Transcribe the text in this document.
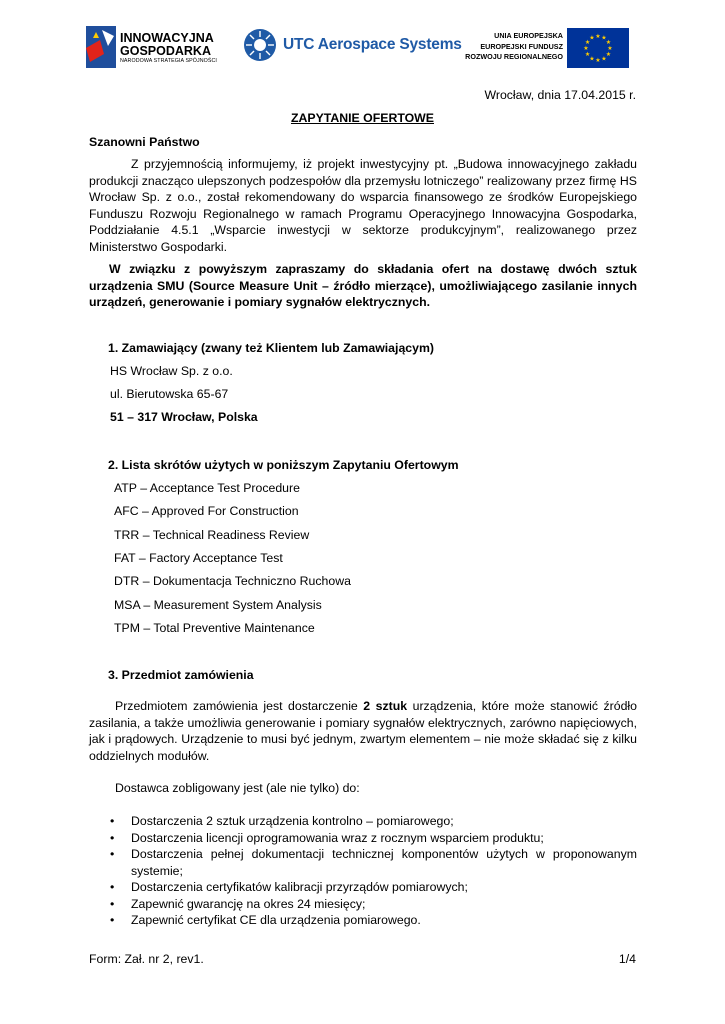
INNOWACYJNA
GOSPODARKA
NARODOWA STRATEGIA SPÓJNOŚCI
UTC Aerospace Systems
UNIA EUROPEJSKA
EUROPEJSKI FUNDUSZ
ROZWOJU REGIONALNEGO
★ ★
★
★
★
★
★
★
★
★
★
★
Wrocław, dnia 17.04.2015 r.
ZAPYTANIE OFERTOWE
Szanowni Państwo
Z przyjemnością informujemy, iż projekt inwestycyjny pt. „Budowa innowacyjnego zakładu produkcji znacząco ulepszonych podzespołów dla przemysłu lotniczego” realizowany przez firmę HS Wrocław Sp. z o.o., został rekomendowany do wsparcia finansowego ze środków Europejskiego Funduszu Rozwoju Regionalnego w ramach Programu Operacyjnego Innowacyjna Gospodarka, Poddziałanie 4.5.1 „Wsparcie inwestycji w sektorze produkcyjnym”, realizowanego przez Ministerstwo Gospodarki.
W związku z powyższym zapraszamy do składania ofert na dostawę dwóch sztuk urządzenia SMU (Source Measure Unit – źródło mierzące), umożliwiającego zasilanie innych urządzeń, generowanie i pomiary sygnałów elektrycznych.
1. Zamawiający (zwany też Klientem lub Zamawiającym)
HS Wrocław Sp. z o.o.
ul. Bierutowska 65-67
51 – 317 Wrocław, Polska
2. Lista skrótów użytych w poniższym Zapytaniu Ofertowym
ATP – Acceptance Test Procedure
AFC – Approved For Construction
TRR – Technical Readiness Review
FAT – Factory Acceptance Test
DTR – Dokumentacja Techniczno Ruchowa
MSA – Measurement System Analysis
TPM – Total Preventive Maintenance
3. Przedmiot zamówienia
Przedmiotem zamówienia jest dostarczenie 2 sztuk urządzenia, które może stanowić źródło zasilania, a także umożliwia generowanie i pomiary sygnałów elektrycznych, zarówno napięciowych, jak i prądowych. Urządzenie to musi być jednym, zwartym elementem – nie może składać się z kilku oddzielnych modułów.
Dostawca zobligowany jest (ale nie tylko) do:
• Dostarczenia 2 sztuk urządzenia kontrolno – pomiarowego;
• Dostarczenia licencji oprogramowania wraz z rocznym wsparciem produktu;
• Dostarczenia pełnej dokumentacji technicznej komponentów użytych w proponowanym systemie;
• Dostarczenia certyfikatów kalibracji przyrządów pomiarowych;
• Zapewnić gwarancję na okres 24 miesięcy;
• Zapewnić certyfikat CE dla urządzenia pomiarowego.
Form: Zał. nr 2, rev1.	1/4
